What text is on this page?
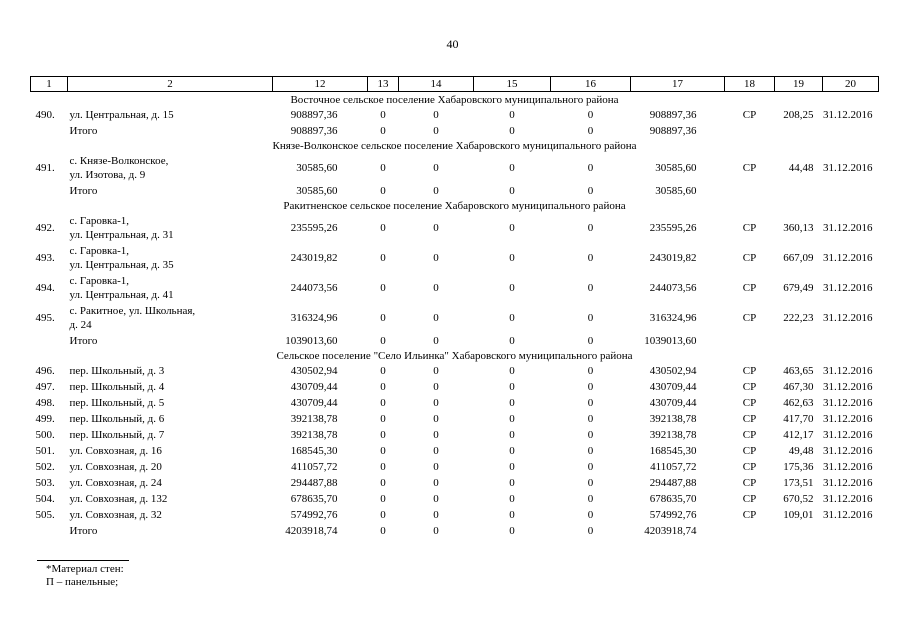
40
1	2	12	13	14	15	16	17	18	19	20
Восточное сельское поселение Хабаровского муниципального района										
490.	ул. Центральная, д. 15	908897,36	0	0	0	0	908897,36	СР	208,25	31.12.2016
	Итого	908897,36	0	0	0	0	908897,36			
Князе-Волконское сельское поселение Хабаровского муниципального района										
491.	с. Князе-Волконское,
ул. Изотова, д. 9	30585,60	0	0	0	0	30585,60	СР	44,48	31.12.2016
	Итого	30585,60	0	0	0	0	30585,60			
Ракитненское сельское поселение Хабаровского муниципального района										
492.	с. Гаровка-1,
ул. Центральная, д. 31	235595,26	0	0	0	0	235595,26	СР	360,13	31.12.2016
493.	с. Гаровка-1,
ул. Центральная, д. 35	243019,82	0	0	0	0	243019,82	СР	667,09	31.12.2016
494.	с. Гаровка-1,
ул. Центральная, д. 41	244073,56	0	0	0	0	244073,56	СР	679,49	31.12.2016
495.	с. Ракитное, ул. Школьная,
д. 24	316324,96	0	0	0	0	316324,96	СР	222,23	31.12.2016
	Итого	1039013,60	0	0	0	0	1039013,60			
Сельское поселение "Село Ильинка" Хабаровского муниципального района										
496.	пер. Школьный, д. 3	430502,94	0	0	0	0	430502,94	СР	463,65	31.12.2016
497.	пер. Школьный, д. 4	430709,44	0	0	0	0	430709,44	СР	467,30	31.12.2016
498.	пер. Школьный, д. 5	430709,44	0	0	0	0	430709,44	СР	462,63	31.12.2016
499.	пер. Школьный, д. 6	392138,78	0	0	0	0	392138,78	СР	417,70	31.12.2016
500.	пер. Школьный, д. 7	392138,78	0	0	0	0	392138,78	СР	412,17	31.12.2016
501.	ул. Совхозная, д. 16	168545,30	0	0	0	0	168545,30	СР	49,48	31.12.2016
502.	ул. Совхозная, д. 20	411057,72	0	0	0	0	411057,72	СР	175,36	31.12.2016
503.	ул. Совхозная, д. 24	294487,88	0	0	0	0	294487,88	СР	173,51	31.12.2016
504.	ул. Совхозная, д. 132	678635,70	0	0	0	0	678635,70	СР	670,52	31.12.2016
505.	ул. Совхозная, д. 32	574992,76	0	0	0	0	574992,76	СР	109,01	31.12.2016
	Итого	4203918,74	0	0	0	0	4203918,74			
*Материал стен:
П – панельные;
